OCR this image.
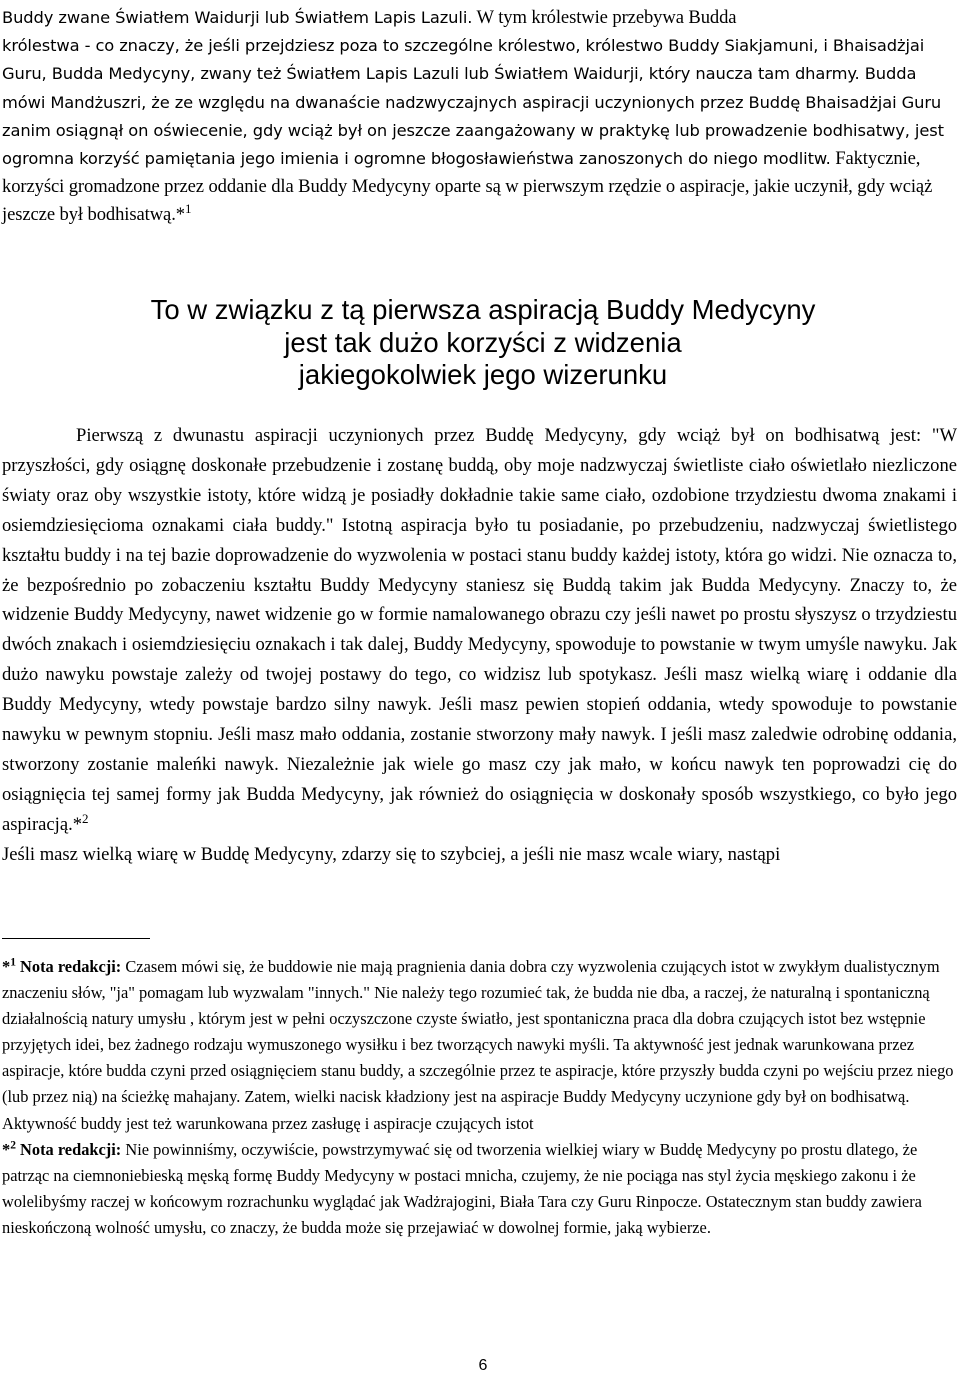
Buddy zwane Światłem Waidurji lub Światłem Lapis Lazuli. W tym królestwie przebywa Budda
królestwa - co znaczy, że jeśli przejdziesz poza to szczególne królestwo, królestwo Buddy Siakjamuni, i Bhaisadżjai Guru, Budda Medycyny, zwany też Światłem Lapis Lazuli lub Światłem Waidurji, który naucza tam dharmy. Budda mówi Mandżuszri, że ze względu na dwanaście nadzwyczajnych aspiracji uczynionych przez Buddę Bhaisadżjai Guru zanim osiągnął on oświecenie, gdy wciąż był on jeszcze zaangażowany w praktykę lub prowadzenie bodhisatwy, jest ogromna korzyść pamiętania jego imienia i ogromne błogosławieństwa zanoszonych do niego modlitw. Faktycznie, korzyści gromadzone przez oddanie dla Buddy Medycyny oparte są w pierwszym rzędzie o aspiracje, jakie uczynił, gdy wciąż jeszcze był bodhisatwą.*$^1$

To w związku z tą pierwsza aspiracją Buddy Medycyny
jest tak dużo korzyści z widzenia
jakiegokolwiek jego wizerunku

Pierwszą z dwunastu aspiracji uczynionych przez Buddę Medycyny, gdy wciąż był on bodhisatwą jest: "W przyszłości, gdy osiągnę doskonałe przebudzenie i zostanę buddą, oby moje nadzwyczaj świetliste ciało oświetlało niezliczone światy oraz oby wszystkie istoty, które widzą je posiadły dokładnie takie same ciało, ozdobione trzydziestu dwoma znakami i osiemdziesięcioma oznakami ciała buddy." Istotną aspiracja było tu posiadanie, po przebudzeniu, nadzwyczaj świetlistego kształtu buddy i na tej bazie doprowadzenie do wyzwolenia w postaci stanu buddy każdej istoty, która go widzi. Nie oznacza to, że bezpośrednio po zobaczeniu kształtu Buddy Medycyny staniesz się Buddą takim jak Budda Medycyny. Znaczy to, że widzenie Buddy Medycyny, nawet widzenie go w formie namalowanego obrazu czy jeśli nawet po prostu słyszysz o trzydziestu dwóch znakach i osiemdziesięciu oznakach i tak dalej, Buddy Medycyny, spowoduje to powstanie w twym umyśle nawyku. Jak dużo nawyku powstaje zależy od twojej postawy do tego, co widzisz lub spotykasz. Jeśli masz wielką wiarę i oddanie dla Buddy Medycyny, wtedy powstaje bardzo silny nawyk. Jeśli masz pewien stopień oddania, wtedy spowoduje to powstanie nawyku w pewnym stopniu. Jeśli masz mało oddania, zostanie stworzony mały nawyk. I jeśli masz zaledwie odrobinę oddania, stworzony zostanie maleńki nawyk. Niezależnie jak wiele go masz czy jak mało, w końcu nawyk ten poprowadzi cię do osiągnięcia tej samej formy jak Budda Medycyny, jak również do osiągnięcia w doskonały sposób wszystkiego, co było jego aspiracją.*$^2$
Jeśli masz wielką wiarę w Buddę Medycyny, zdarzy się to szybciej, a jeśli nie masz wcale wiary, nastąpi

*$^1$ Nota redakcji: Czasem mówi się, że buddowie nie mają pragnienia dania dobra czy wyzwolenia czujących istot w zwykłym dualistycznym znaczeniu słów, "ja" pomagam lub wyzwalam "innych." Nie należy tego rozumieć tak, że budda nie dba, a raczej, że naturalną i spontaniczną działalnością natury umysłu , którym jest w pełni oczyszczone czyste światło, jest spontaniczna praca dla dobra czujących istot bez wstępnie przyjętych idei, bez żadnego rodzaju wymuszonego wysiłku i bez tworzących nawyki myśli. Ta aktywność jest jednak warunkowana przez aspiracje, które budda czyni przed osiągnięciem stanu buddy, a szczególnie przez te aspiracje, które przyszły budda czyni po wejściu przez niego (lub przez nią) na ścieżkę mahajany. Zatem, wielki nacisk kładziony jest na aspiracje Buddy Medycyny uczynione gdy był on bodhisatwą. Aktywność buddy jest też warunkowana przez zasługę i aspiracje czujących istot

*$^2$ Nota redakcji: Nie powinniśmy, oczywiście, powstrzymywać się od tworzenia wielkiej wiary w Buddę Medycyny po prostu dlatego, że patrząc na ciemnoniebieską męską formę Buddy Medycyny w postaci mnicha, czujemy, że nie pociąga nas styl życia męskiego zakonu i że wolelibyśmy raczej w końcowym rozrachunku wyglądać jak Wadżrajogini, Biała Tara czy Guru Rinpocze. Ostatecznym stan buddy zawiera nieskończoną wolność umysłu, co znaczy, że budda może się przejawiać w dowolnej formie, jaką wybierze.

6
